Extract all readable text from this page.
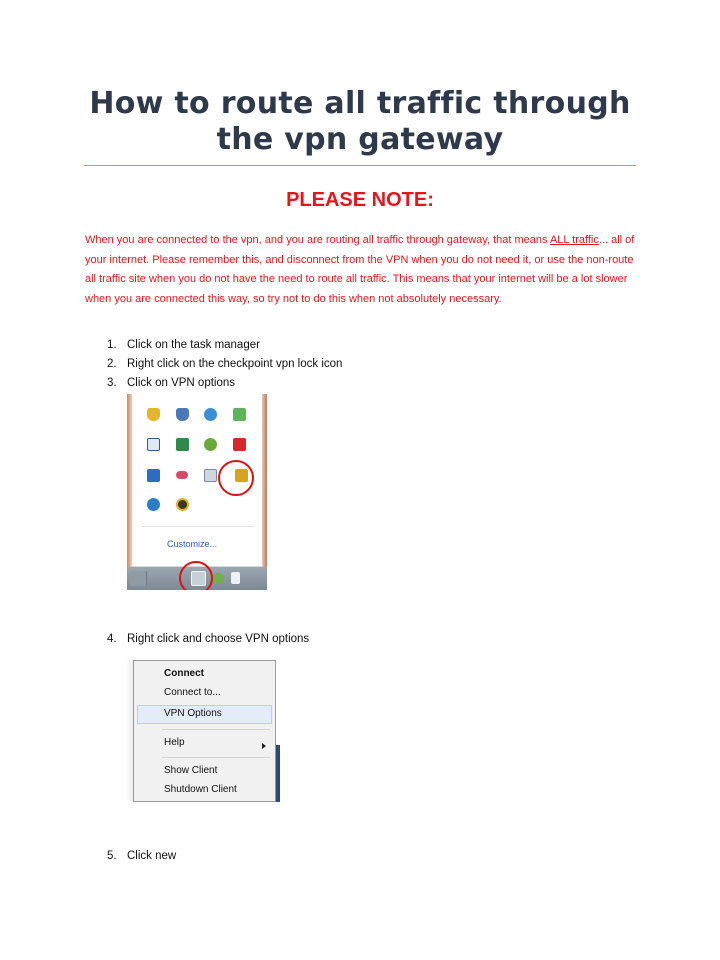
How to route all traffic through the vpn gateway
PLEASE NOTE:

When you are connected to the vpn, and you are routing all traffic through gateway, that means ALL traffic... all of your internet. Please remember this, and disconnect from the VPN when you do not need it, or use the non-route all traffic site when you do not have the need to route all traffic. This means that your internet will be a lot slower when you are connected this way, so try not to do this when not absolutely necessary.

1. Click on the task manager
2. Right click on the checkpoint vpn lock icon
3. Click on VPN options
Customize...
4. Right click and choose VPN options
Connect
Connect to...
VPN Options
Help
Show Client
Shutdown Client
5. Click new
